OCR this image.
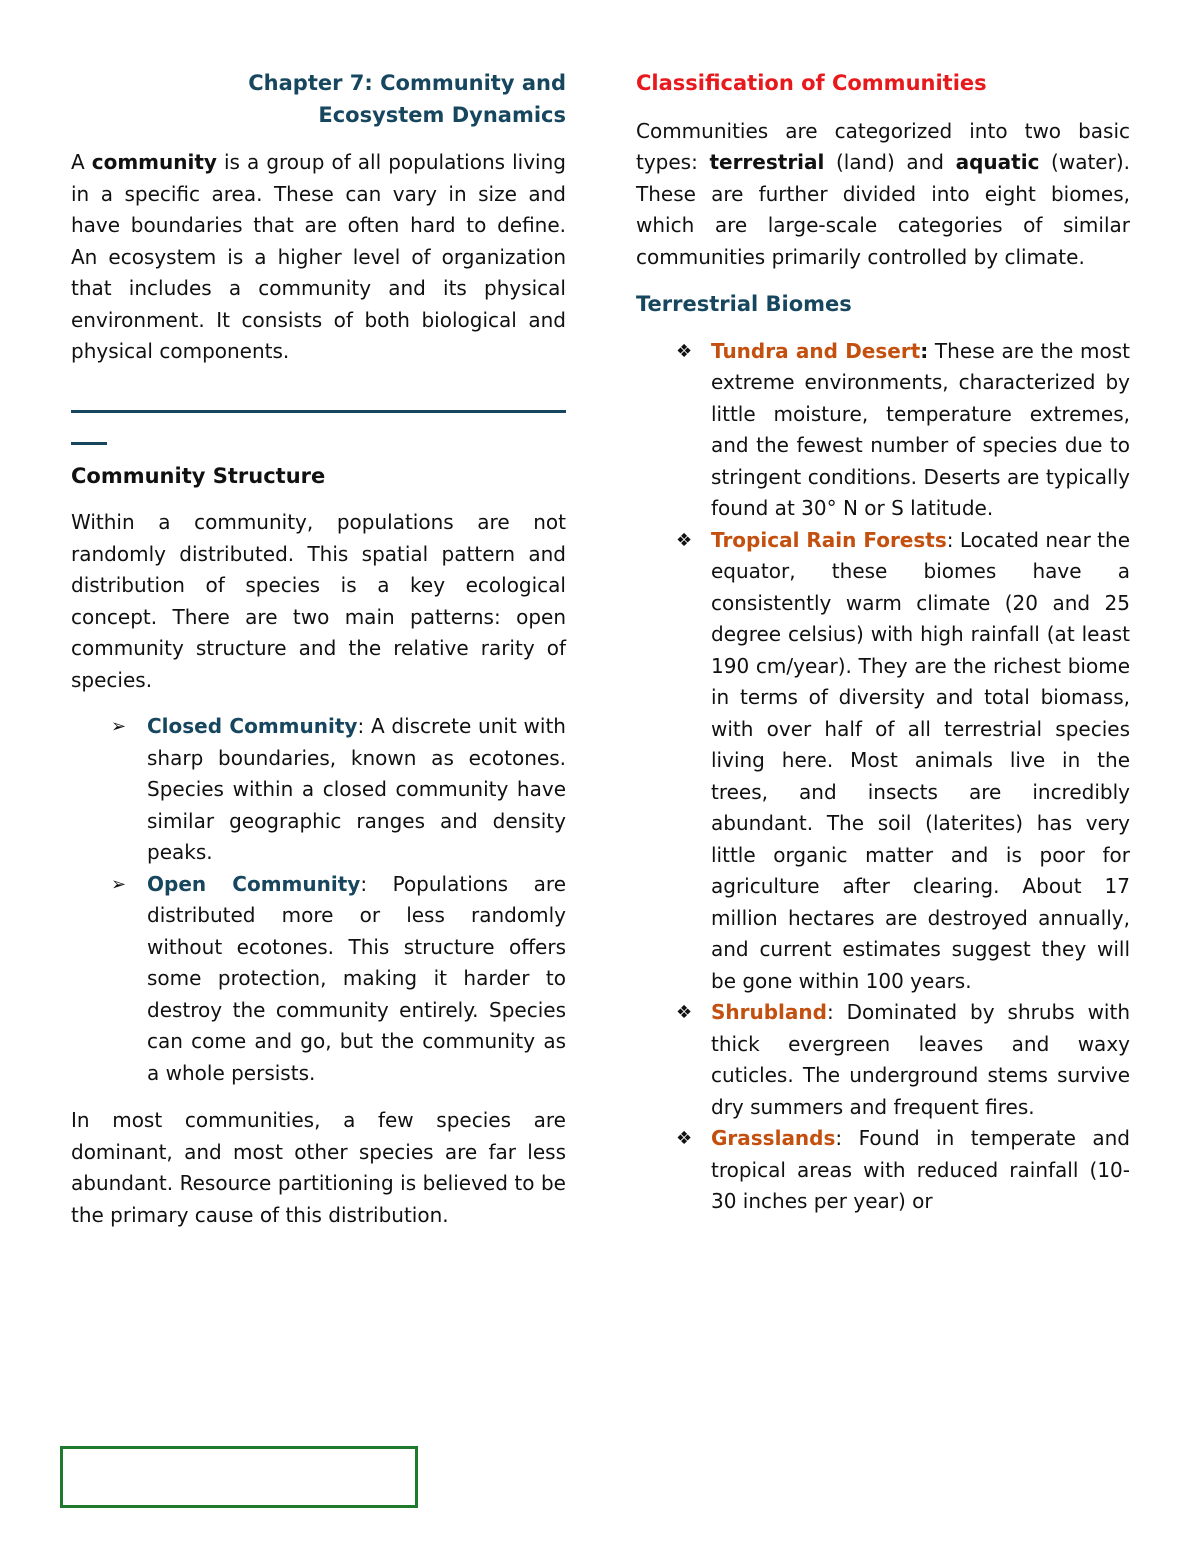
Chapter 7: Community and
Ecosystem Dynamics

A community is a group of all populations living in a specific area. These can vary in size and have boundaries that are often hard to define. An ecosystem is a higher level of organization that includes a community and its physical environment. It consists of both biological and physical components.

Community Structure

Within a community, populations are not randomly distributed. This spatial pattern and distribution of species is a key ecological concept. There are two main patterns: open community structure and the relative rarity of species.

➢ Closed Community: A discrete unit with sharp boundaries, known as ecotones. Species within a closed community have similar geographic ranges and density peaks.

➢ Open Community: Populations are distributed more or less randomly without ecotones. This structure offers some protection, making it harder to destroy the community entirely. Species can come and go, but the community as a whole persists.

In most communities, a few species are dominant, and most other species are far less abundant. Resource partitioning is believed to be the primary cause of this distribution.

Classification of Communities

Communities are categorized into two basic types: terrestrial (land) and aquatic (water). These are further divided into eight biomes, which are large-scale categories of similar communities primarily controlled by climate.

Terrestrial Biomes
❖ Tundra and Desert: These are the most extreme environments, characterized by little moisture, temperature extremes, and the fewest number of species due to stringent conditions. Deserts are typically found at 30° N or S latitude.

❖ Tropical Rain Forests: Located near the equator, these biomes have a consistently warm climate (20 and 25 degree celsius) with high rainfall (at least 190 cm/year). They are the richest biome in terms of diversity and total biomass, with over half of all terrestrial species living here. Most animals live in the trees, and insects are incredibly abundant. The soil (laterites) has very little organic matter and is poor for agriculture after clearing. About 17 million hectares are destroyed annually, and current estimates suggest they will be gone within 100 years.

❖ Shrubland: Dominated by shrubs with thick evergreen leaves and waxy cuticles. The underground stems survive dry summers and frequent fires.

❖ Grasslands: Found in temperate and tropical areas with reduced rainfall (10-30 inches per year) or
